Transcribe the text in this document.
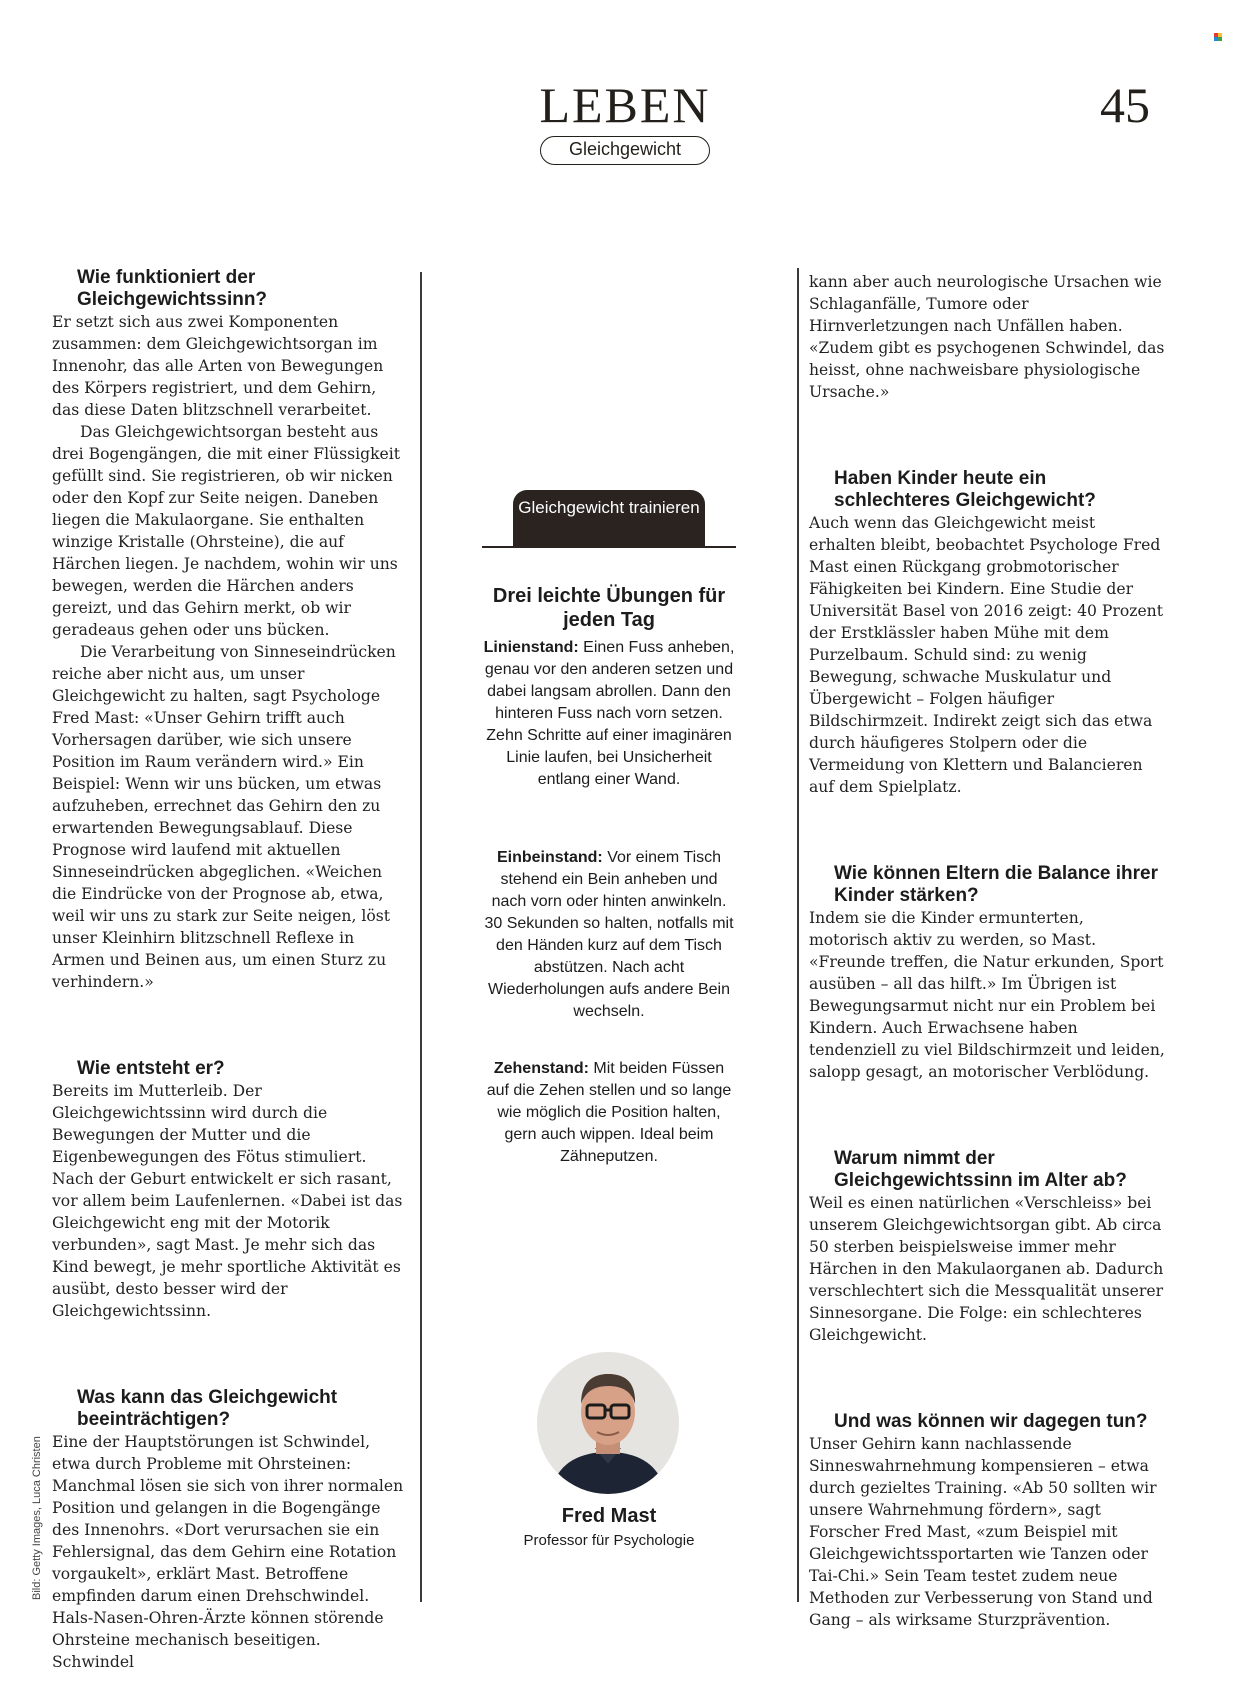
LEBEN
Gleichgewicht
45
Wie funktioniert der Gleichgewichtssinn?

Er setzt sich aus zwei Komponenten zusammen: dem Gleichgewichtsorgan im Innenohr, das alle Arten von Bewegungen des Körpers registriert, und dem Gehirn, das diese Daten blitzschnell verarbeitet.

Das Gleichgewichtsorgan besteht aus drei Bogengängen, die mit einer Flüssigkeit gefüllt sind. Sie registrieren, ob wir nicken oder den Kopf zur Seite neigen. Daneben liegen die Makulaorgane. Sie enthalten winzige Kristalle (Ohrsteine), die auf Härchen liegen. Je nachdem, wohin wir uns bewegen, werden die Härchen anders gereizt, und das Gehirn merkt, ob wir geradeaus gehen oder uns bücken.

Die Verarbeitung von Sinneseindrücken reiche aber nicht aus, um unser Gleichgewicht zu halten, sagt Psychologe Fred Mast: «Unser Gehirn trifft auch Vorhersagen darüber, wie sich unsere Position im Raum verändern wird.» Ein Beispiel: Wenn wir uns bücken, um etwas aufzuheben, errechnet das Gehirn den zu erwartenden Bewegungsablauf. Diese Prognose wird laufend mit aktuellen Sinneseindrücken abgeglichen. «Weichen die Eindrücke von der Prognose ab, etwa, weil wir uns zu stark zur Seite neigen, löst unser Kleinhirn blitzschnell Reflexe in Armen und Beinen aus, um einen Sturz zu verhindern.»

Wie entsteht er?

Bereits im Mutterleib. Der Gleichgewichtssinn wird durch die Bewegungen der Mutter und die Eigenbewegungen des Fötus stimuliert. Nach der Geburt entwickelt er sich rasant, vor allem beim Laufenlernen. «Dabei ist das Gleichgewicht eng mit der Motorik verbunden», sagt Mast. Je mehr sich das Kind bewegt, je mehr sportliche Aktivität es ausübt, desto besser wird der Gleichgewichtssinn.

Was kann das Gleichgewicht beeinträchtigen?

Eine der Hauptstörungen ist Schwindel, etwa durch Probleme mit Ohrsteinen: Manchmal lösen sie sich von ihrer normalen Position und gelangen in die Bogengänge des Innenohrs. «Dort verursachen sie ein Fehlersignal, das dem Gehirn eine Rotation vorgaukelt», erklärt Mast. Betroffene empfinden darum einen Drehschwindel. Hals-Nasen-Ohren-Ärzte können störende Ohrsteine mechanisch beseitigen. Schwindel

Gleichgewicht trainieren
Drei leichte Übungen für jeden Tag
Linienstand: Einen Fuss anheben, genau vor den anderen setzen und dabei langsam abrollen. Dann den hinteren Fuss nach vorn setzen. Zehn Schritte auf einer imaginären Linie laufen, bei Unsicherheit entlang einer Wand.
Einbeinstand: Vor einem Tisch stehend ein Bein anheben und nach vorn oder hinten anwinkeln. 30 Sekunden so halten, notfalls mit den Händen kurz auf dem Tisch abstützen. Nach acht Wiederholungen aufs andere Bein wechseln.
Zehenstand: Mit beiden Füssen auf die Zehen stellen und so lange wie möglich die Position halten, gern auch wippen. Ideal beim Zähneputzen.
Fred Mast
Professor für Psychologie

kann aber auch neurologische Ursachen wie Schlaganfälle, Tumore oder Hirnverletzungen nach Unfällen haben. «Zudem gibt es psychogenen Schwindel, das heisst, ohne nachweisbare physiologische Ursache.»

Haben Kinder heute ein schlechteres Gleichgewicht?

Auch wenn das Gleichgewicht meist erhalten bleibt, beobachtet Psychologe Fred Mast einen Rückgang grobmotorischer Fähigkeiten bei Kindern. Eine Studie der Universität Basel von 2016 zeigt: 40 Prozent der Erstklässler haben Mühe mit dem Purzelbaum. Schuld sind: zu wenig Bewegung, schwache Muskulatur und Übergewicht – Folgen häufiger Bildschirmzeit. Indirekt zeigt sich das etwa durch häufigeres Stolpern oder die Vermeidung von Klettern und Balancieren auf dem Spielplatz.

Wie können Eltern die Balance ihrer Kinder stärken?

Indem sie die Kinder ermunterten, motorisch aktiv zu werden, so Mast. «Freunde treffen, die Natur erkunden, Sport ausüben – all das hilft.» Im Übrigen ist Bewegungsarmut nicht nur ein Problem bei Kindern. Auch Erwachsene haben tendenziell zu viel Bildschirmzeit und leiden, salopp gesagt, an motorischer Verblödung.

Warum nimmt der Gleichgewichtssinn im Alter ab?

Weil es einen natürlichen «Verschleiss» bei unserem Gleichgewichtsorgan gibt. Ab circa 50 sterben beispielsweise immer mehr Härchen in den Makulaorganen ab. Dadurch verschlechtert sich die Messqualität unserer Sinnesorgane. Die Folge: ein schlechteres Gleichgewicht.

Und was können wir dagegen tun?

Unser Gehirn kann nachlassende Sinneswahrnehmung kompensieren – etwa durch gezieltes Training. «Ab 50 sollten wir unsere Wahrnehmung fördern», sagt Forscher Fred Mast, «zum Beispiel mit Gleichgewichtssportarten wie Tanzen oder Tai-Chi.» Sein Team testet zudem neue Methoden zur Verbesserung von Stand und Gang – als wirksame Sturzprävention.

Bild: Getty Images, Luca Christen
